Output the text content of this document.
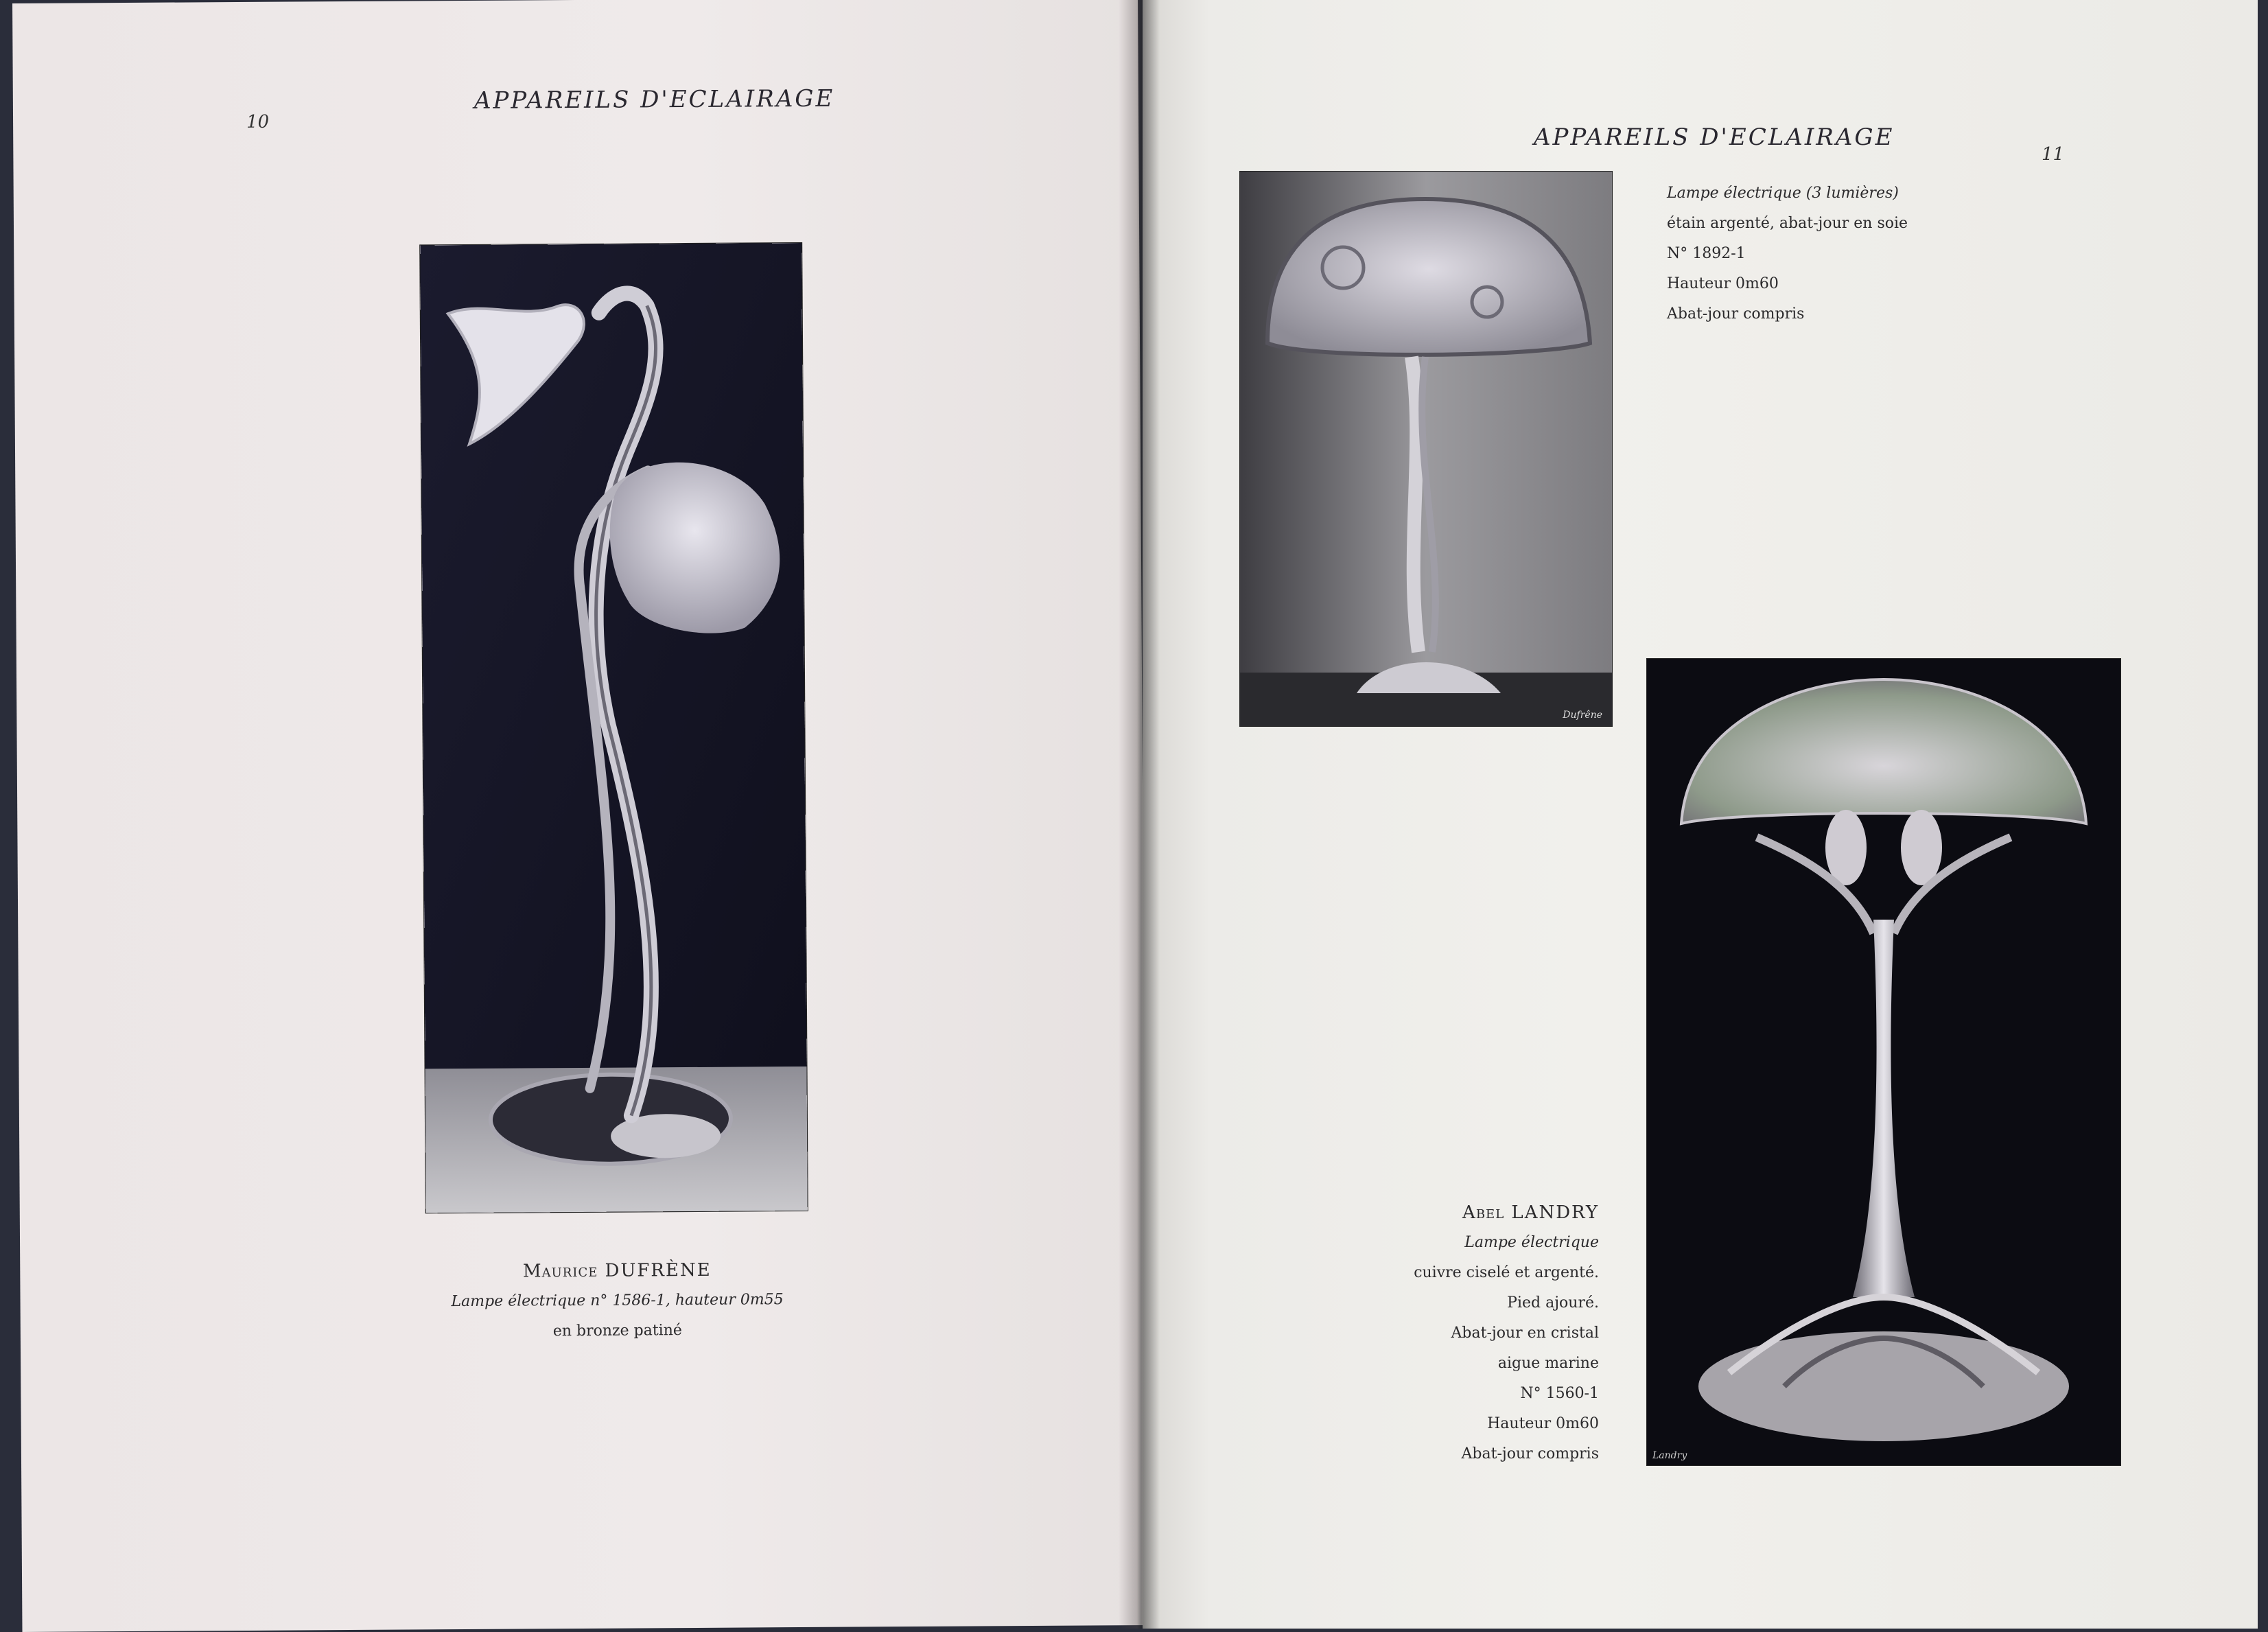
10
APPAREILS D'ECLAIRAGE
Maurice DUFRÈNE
Lampe électrique n° 1586-1, hauteur 0m55
en bronze patiné
APPAREILS D'ECLAIRAGE
11
Dufrêne
Lampe électrique (3 lumières)
étain argenté, abat-jour en soie
N° 1892-1
Hauteur 0m60
Abat-jour compris
Landry
Abel LANDRY
Lampe électrique
cuivre ciselé et argenté.
Pied ajouré.
Abat-jour en cristal
aigue marine
N° 1560-1
Hauteur 0m60
Abat-jour compris
